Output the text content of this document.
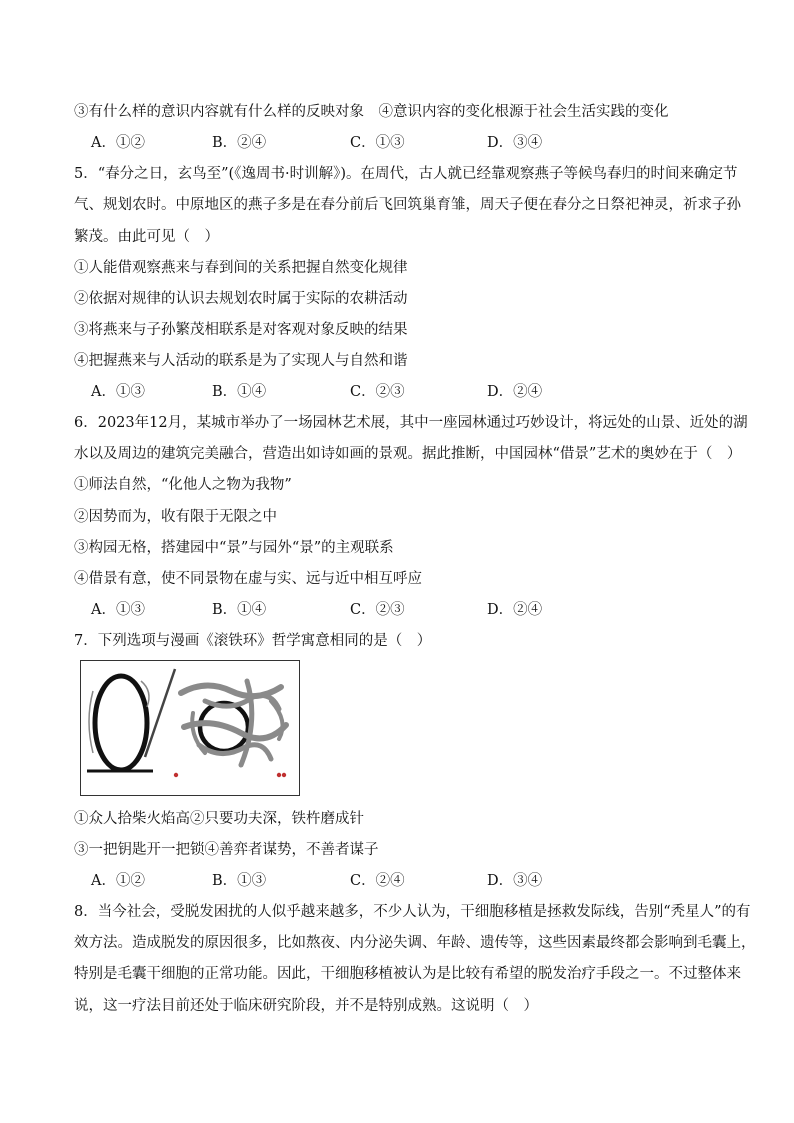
③有什么样的意识内容就有什么样的反映对象　④意识内容的变化根源于社会生活实践的变化
A．①②	B．②④	C．①③	D．③④
5．“春分之日，玄鸟至”(《逸周书·时训解》)。在周代，古人就已经靠观察燕子等候鸟春归的时间来确定节
气、规划农时。中原地区的燕子多是在春分前后飞回筑巢育雏，周天子便在春分之日祭祀神灵，祈求子孙
繁茂。由此可见（　）
①人能借观察燕来与春到间的关系把握自然变化规律
②依据对规律的认识去规划农时属于实际的农耕活动
③将燕来与子孙繁茂相联系是对客观对象反映的结果
④把握燕来与人活动的联系是为了实现人与自然和谐
A．①③	B．①④	C．②③	D．②④
6．2023年12月，某城市举办了一场园林艺术展，其中一座园林通过巧妙设计，将远处的山景、近处的湖
水以及周边的建筑完美融合，营造出如诗如画的景观。据此推断，中国园林“借景”艺术的奥妙在于（　）
①师法自然，“化他人之物为我物”
②因势而为，收有限于无限之中
③构园无格，搭建园中“景”与园外“景”的主观联系
④借景有意，使不同景物在虚与实、远与近中相互呼应
A．①③	B．①④	C．②③	D．②④
7．下列选项与漫画《滚铁环》哲学寓意相同的是（　）
①众人拾柴火焰高②只要功夫深，铁杵磨成针
③一把钥匙开一把锁④善弈者谋势，不善者谋子
A．①②	B．①③	C．②④	D．③④
8．当今社会，受脱发困扰的人似乎越来越多，不少人认为，干细胞移植是拯救发际线，告别“秃星人”的有
效方法。造成脱发的原因很多，比如熬夜、内分泌失调、年龄、遗传等，这些因素最终都会影响到毛囊上，
特别是毛囊干细胞的正常功能。因此，干细胞移植被认为是比较有希望的脱发治疗手段之一。不过整体来
说，这一疗法目前还处于临床研究阶段，并不是特别成熟。这说明（　）
